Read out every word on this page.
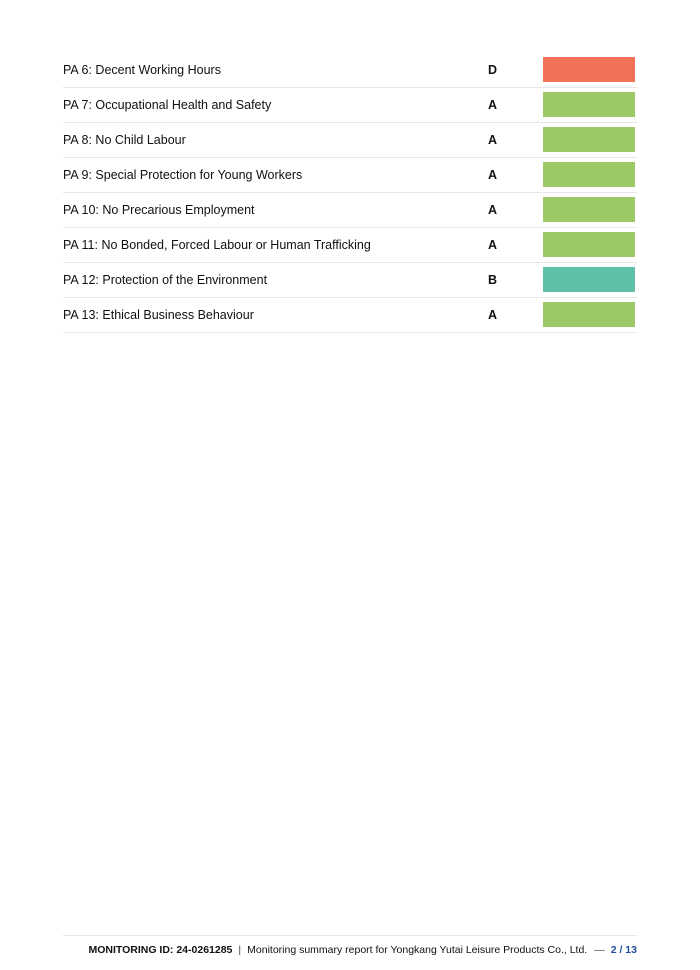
PA 6: Decent Working Hours	D
PA 7: Occupational Health and Safety	A
PA 8: No Child Labour	A
PA 9: Special Protection for Young Workers	A
PA 10: No Precarious Employment	A
PA 11: No Bonded, Forced Labour or Human Trafficking	A
PA 12: Protection of the Environment	B
PA 13: Ethical Business Behaviour	A
MONITORING ID: 24-0261285 | Monitoring summary report for Yongkang Yutai Leisure Products Co., Ltd. — 2 / 13
